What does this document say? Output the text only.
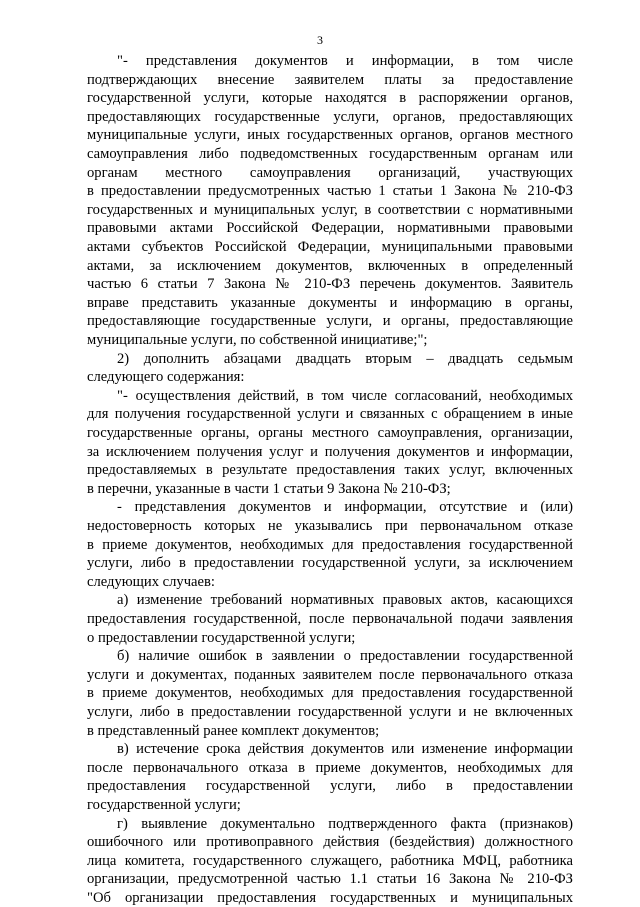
3
"- представления документов и информации, в том числе
подтверждающих внесение заявителем платы за предоставление
государственной услуги, которые находятся в распоряжении органов,
предоставляющих государственные услуги, органов, предоставляющих
муниципальные услуги, иных государственных органов, органов местного
самоуправления либо подведомственных государственным органам или
органам местного самоуправления организаций, участвующих
в предоставлении предусмотренных частью 1 статьи 1 Закона № 210-ФЗ
государственных и муниципальных услуг, в соответствии с нормативными
правовыми актами Российской Федерации, нормативными правовыми
актами субъектов Российской Федерации, муниципальными правовыми
актами, за исключением документов, включенных в определенный
частью 6 статьи 7 Закона № 210-ФЗ перечень документов. Заявитель
вправе представить указанные документы и информацию в органы,
предоставляющие государственные услуги, и органы, предоставляющие
муниципальные услуги, по собственной инициативе;";
2) дополнить абзацами двадцать вторым – двадцать седьмым
следующего содержания:
"- осуществления действий, в том числе согласований, необходимых
для получения государственной услуги и связанных с обращением в иные
государственные органы, органы местного самоуправления, организации,
за исключением получения услуг и получения документов и информации,
предоставляемых в результате предоставления таких услуг, включенных
в перечни, указанные в части 1 статьи 9 Закона № 210-ФЗ;
- представления документов и информации, отсутствие и (или)
недостоверность которых не указывались при первоначальном отказе
в приеме документов, необходимых для предоставления государственной
услуги, либо в предоставлении государственной услуги, за исключением
следующих случаев:
а) изменение требований нормативных правовых актов, касающихся
предоставления государственной, после первоначальной подачи заявления
о предоставлении государственной услуги;
б) наличие ошибок в заявлении о предоставлении государственной
услуги и документах, поданных заявителем после первоначального отказа
в приеме документов, необходимых для предоставления государственной
услуги, либо в предоставлении государственной услуги и не включенных
в представленный ранее комплект документов;
в) истечение срока действия документов или изменение информации
после первоначального отказа в приеме документов, необходимых для
предоставления государственной услуги, либо в предоставлении
государственной услуги;
г) выявление документально подтвержденного факта (признаков)
ошибочного или противоправного действия (бездействия) должностного
лица комитета, государственного служащего, работника МФЦ, работника
организации, предусмотренной частью 1.1 статьи 16 Закона № 210-ФЗ
"Об организации предоставления государственных и муниципальных
